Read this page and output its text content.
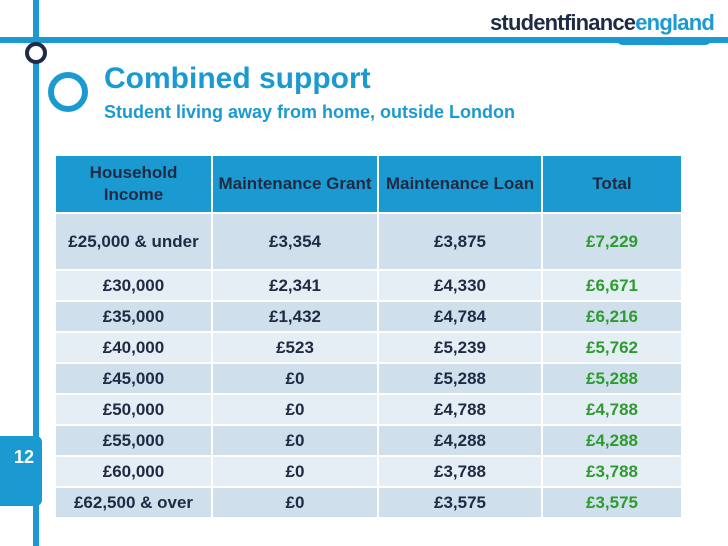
12
studentfinanceengland
Combined support
Student living away from home, outside London
Household Income	Maintenance Grant	Maintenance Loan	Total
£25,000 & under	£3,354	£3,875	£7,229
£30,000	£2,341	£4,330	£6,671
£35,000	£1,432	£4,784	£6,216
£40,000	£523	£5,239	£5,762
£45,000	£0	£5,288	£5,288
£50,000	£0	£4,788	£4,788
£55,000	£0	£4,288	£4,288
£60,000	£0	£3,788	£3,788
£62,500 & over	£0	£3,575	£3,575
